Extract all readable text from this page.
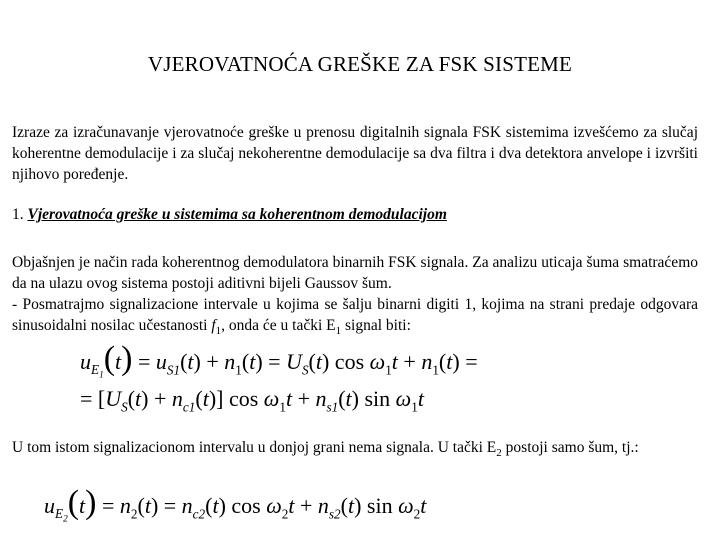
VJEROVATNOĆA GREŠKE ZA FSK SISTEME
Izraze za izračunavanje vjerovatnoće greške u prenosu digitalnih signala FSK sistemima izvešćemo za slučaj koherentne demodulacije i za slučaj nekoherentne demodulacije sa dva filtra i dva detektora anvelope i izvršiti njihovo poređenje.
1. Vjerovatnoća greške u sistemima sa koherentnom demodulacijom
Objašnjen je način rada koherentnog demodulatora binarnih FSK signala. Za analizu uticaja šuma smatraćemo da na ulazu ovog sistema postoji aditivni bijeli Gaussov šum.
- Posmatrajmo signalizacione intervale u kojima se šalju binarni digiti 1, kojima na strani predaje odgovara sinusoidalni nosilac učestanosti $f_1$, onda će u tački $E_1$ signal biti:
$u_{E_1}(t) = u_{S1}(t) + n_1(t) = U_S(t)$ $\cos \omega_1t + n_1(t)$ =
= $[U_S(t) + n_{c1}(t)]$ $\cos \omega_1t + n_{s1}(t)$ $\sin \omega_1t$
U tom istom signalizacionom intervalu u donjoj grani nema signala. U tački $E_2$ postoji samo šum, tj.:
$u_{E_2}(t) = n_2(t) = n_{c2}(t)$ $\cos \omega_2t + n_{s2}(t)$ $\sin \omega_2t$
